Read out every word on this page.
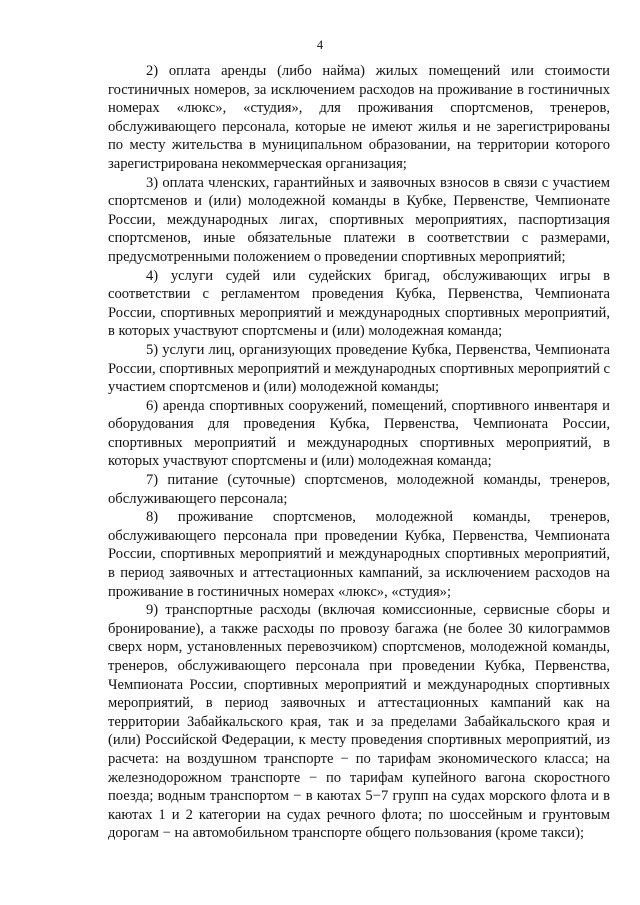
4

2) оплата аренды (либо найма) жилых помещений или стоимости гостиничных номеров, за исключением расходов на проживание в гостиничных номерах «люкс», «студия», для проживания спортсменов, тренеров, обслуживающего персонала, которые не имеют жилья и не зарегистрированы по месту жительства в муниципальном образовании, на территории которого зарегистрирована некоммерческая организация;

3) оплата членских, гарантийных и заявочных взносов в связи с участием спортсменов и (или) молодежной команды в Кубке, Первенстве, Чемпионате России, международных лигах, спортивных мероприятиях, паспортизация спортсменов, иные обязательные платежи в соответствии с размерами, предусмотренными положением о проведении спортивных мероприятий;

4) услуги судей или судейских бригад, обслуживающих игры в соответствии с регламентом проведения Кубка, Первенства, Чемпионата России, спортивных мероприятий и международных спортивных мероприятий, в которых участвуют спортсмены и (или) молодежная команда;

5) услуги лиц, организующих проведение Кубка, Первенства, Чемпионата России, спортивных мероприятий и международных спортивных мероприятий с участием спортсменов и (или) молодежной команды;

6) аренда спортивных сооружений, помещений, спортивного инвентаря и оборудования для проведения Кубка, Первенства, Чемпионата России, спортивных мероприятий и международных спортивных мероприятий, в которых участвуют спортсмены и (или) молодежная команда;

7) питание (суточные) спортсменов, молодежной команды, тренеров, обслуживающего персонала;

8) проживание спортсменов, молодежной команды, тренеров, обслуживающего персонала при проведении Кубка, Первенства, Чемпионата России, спортивных мероприятий и международных спортивных мероприятий, в период заявочных и аттестационных кампаний, за исключением расходов на проживание в гостиничных номерах «люкс», «студия»;

9) транспортные расходы (включая комиссионные, сервисные сборы и бронирование), а также расходы по провозу багажа (не более 30 килограммов сверх норм, установленных перевозчиком) спортсменов, молодежной команды, тренеров, обслуживающего персонала при проведении Кубка, Первенства, Чемпионата России, спортивных мероприятий и международных спортивных мероприятий, в период заявочных и аттестационных кампаний как на территории Забайкальского края, так и за пределами Забайкальского края и (или) Российской Федерации, к месту проведения спортивных мероприятий, из расчета: на воздушном транспорте − по тарифам экономического класса; на железнодорожном транспорте − по тарифам купейного вагона скоростного поезда; водным транспортом − в каютах 5−7 групп на судах морского флота и в каютах 1 и 2 категории на судах речного флота; по шоссейным и грунтовым дорогам − на автомобильном транспорте общего пользования (кроме такси);
